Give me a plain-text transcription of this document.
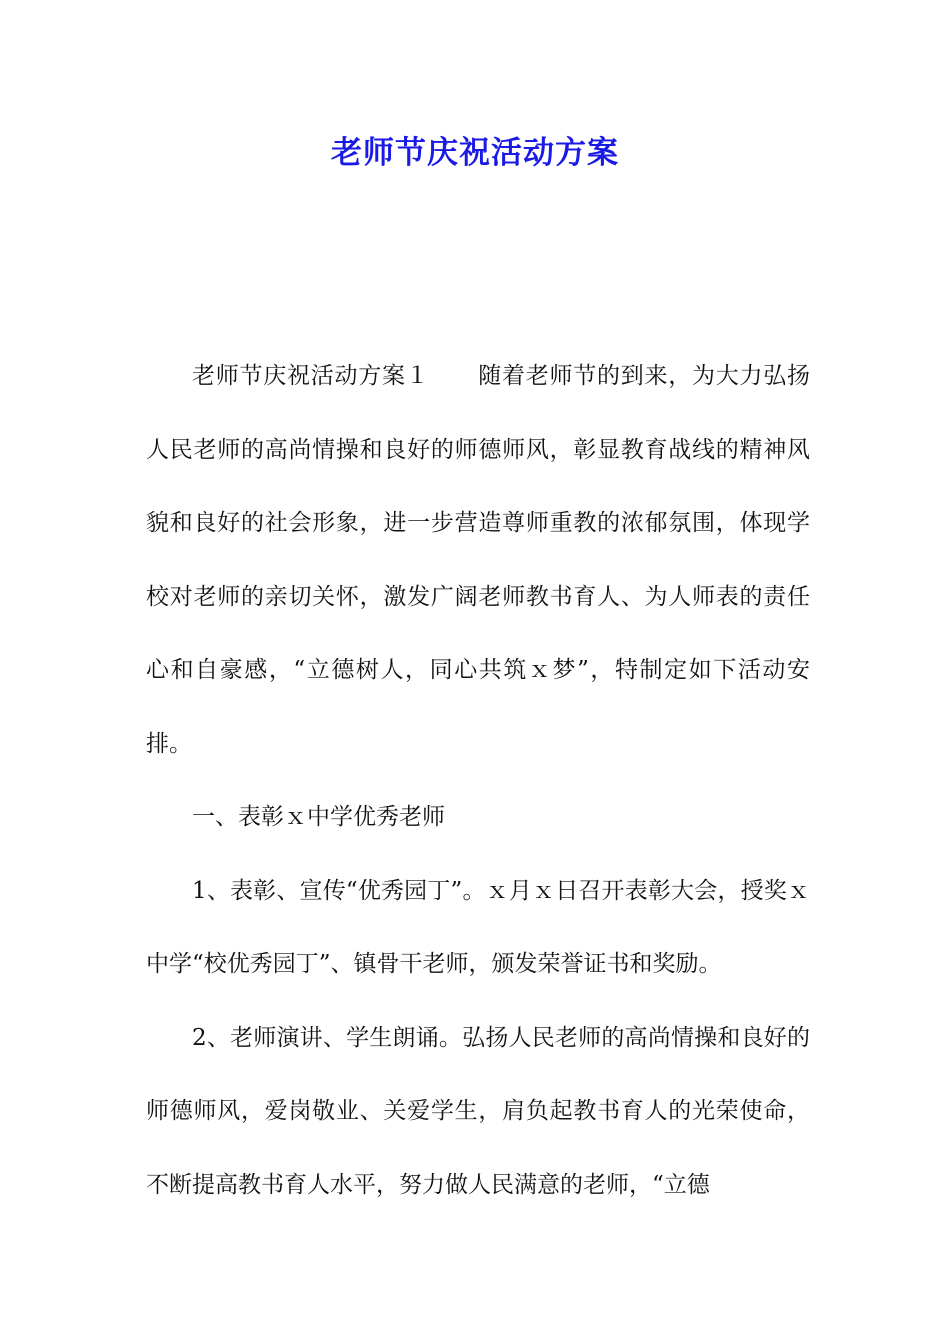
老师节庆祝活动方案

老师节庆祝活动方案１ 随着老师节的到来，为大力弘扬人民老师的高尚情操和良好的师德师风，彰显教育战线的精神风貌和良好的社会形象，进一步营造尊师重教的浓郁氛围，体现学校对老师的亲切关怀，激发广阔老师教书育人、为人师表的责任心和自豪感，“立德树人，同心共筑ｘ梦”，特制定如下活动安排。

一、表彰ｘ中学优秀老师

1、表彰、宣传“优秀园丁”。ｘ月ｘ日召开表彰大会，授奖ｘ中学“校优秀园丁”、镇骨干老师，颁发荣誉证书和奖励。

2、老师演讲、学生朗诵。弘扬人民老师的高尚情操和良好的师德师风，爱岗敬业、关爱学生，肩负起教书育人的光荣使命，不断提高教书育人水平，努力做人民满意的老师，“立德
